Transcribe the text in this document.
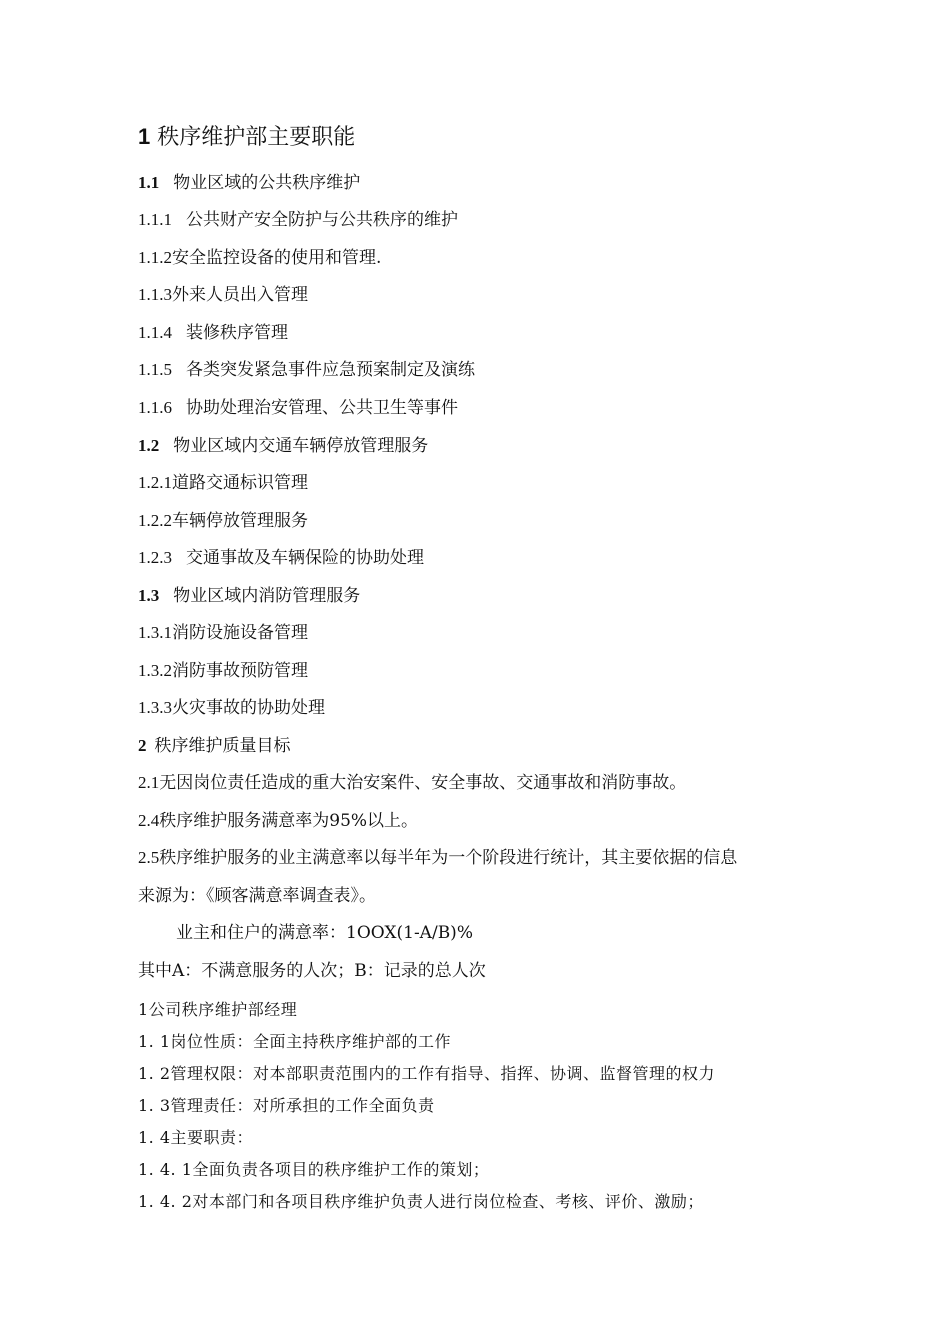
1 秩序维护部主要职能
1.1 物业区域的公共秩序维护
1.1.1 公共财产安全防护与公共秩序的维护
1.1.2安全监控设备的使用和管理.
1.1.3外来人员出入管理
1.1.4 装修秩序管理
1.1.5 各类突发紧急事件应急预案制定及演练
1.1.6 协助处理治安管理、公共卫生等事件
1.2 物业区域内交通车辆停放管理服务
1.2.1道路交通标识管理
1.2.2车辆停放管理服务
1.2.3 交通事故及车辆保险的协助处理
1.3 物业区域内消防管理服务
1.3.1消防设施设备管理
1.3.2消防事故预防管理
1.3.3火灾事故的协助处理
2 秩序维护质量目标
2.1无因岗位责任造成的重大治安案件、安全事故、交通事故和消防事故。
2.4秩序维护服务满意率为95%以上。
2.5秩序维护服务的业主满意率以每半年为一个阶段进行统计，其主要依据的信息
来源为：《顾客满意率调查表》。
业主和住户的满意率：1OOX(1-A/B)%
其中A：不满意服务的人次；B：记录的总人次
1公司秩序维护部经理
1. 1岗位性质：全面主持秩序维护部的工作
1. 2管理权限：对本部职责范围内的工作有指导、指挥、协调、监督管理的权力
1. 3管理责任：对所承担的工作全面负责
1. 4主要职责：
1. 4. 1全面负责各项目的秩序维护工作的策划；
1. 4. 2对本部门和各项目秩序维护负责人进行岗位检查、考核、评价、激励；
